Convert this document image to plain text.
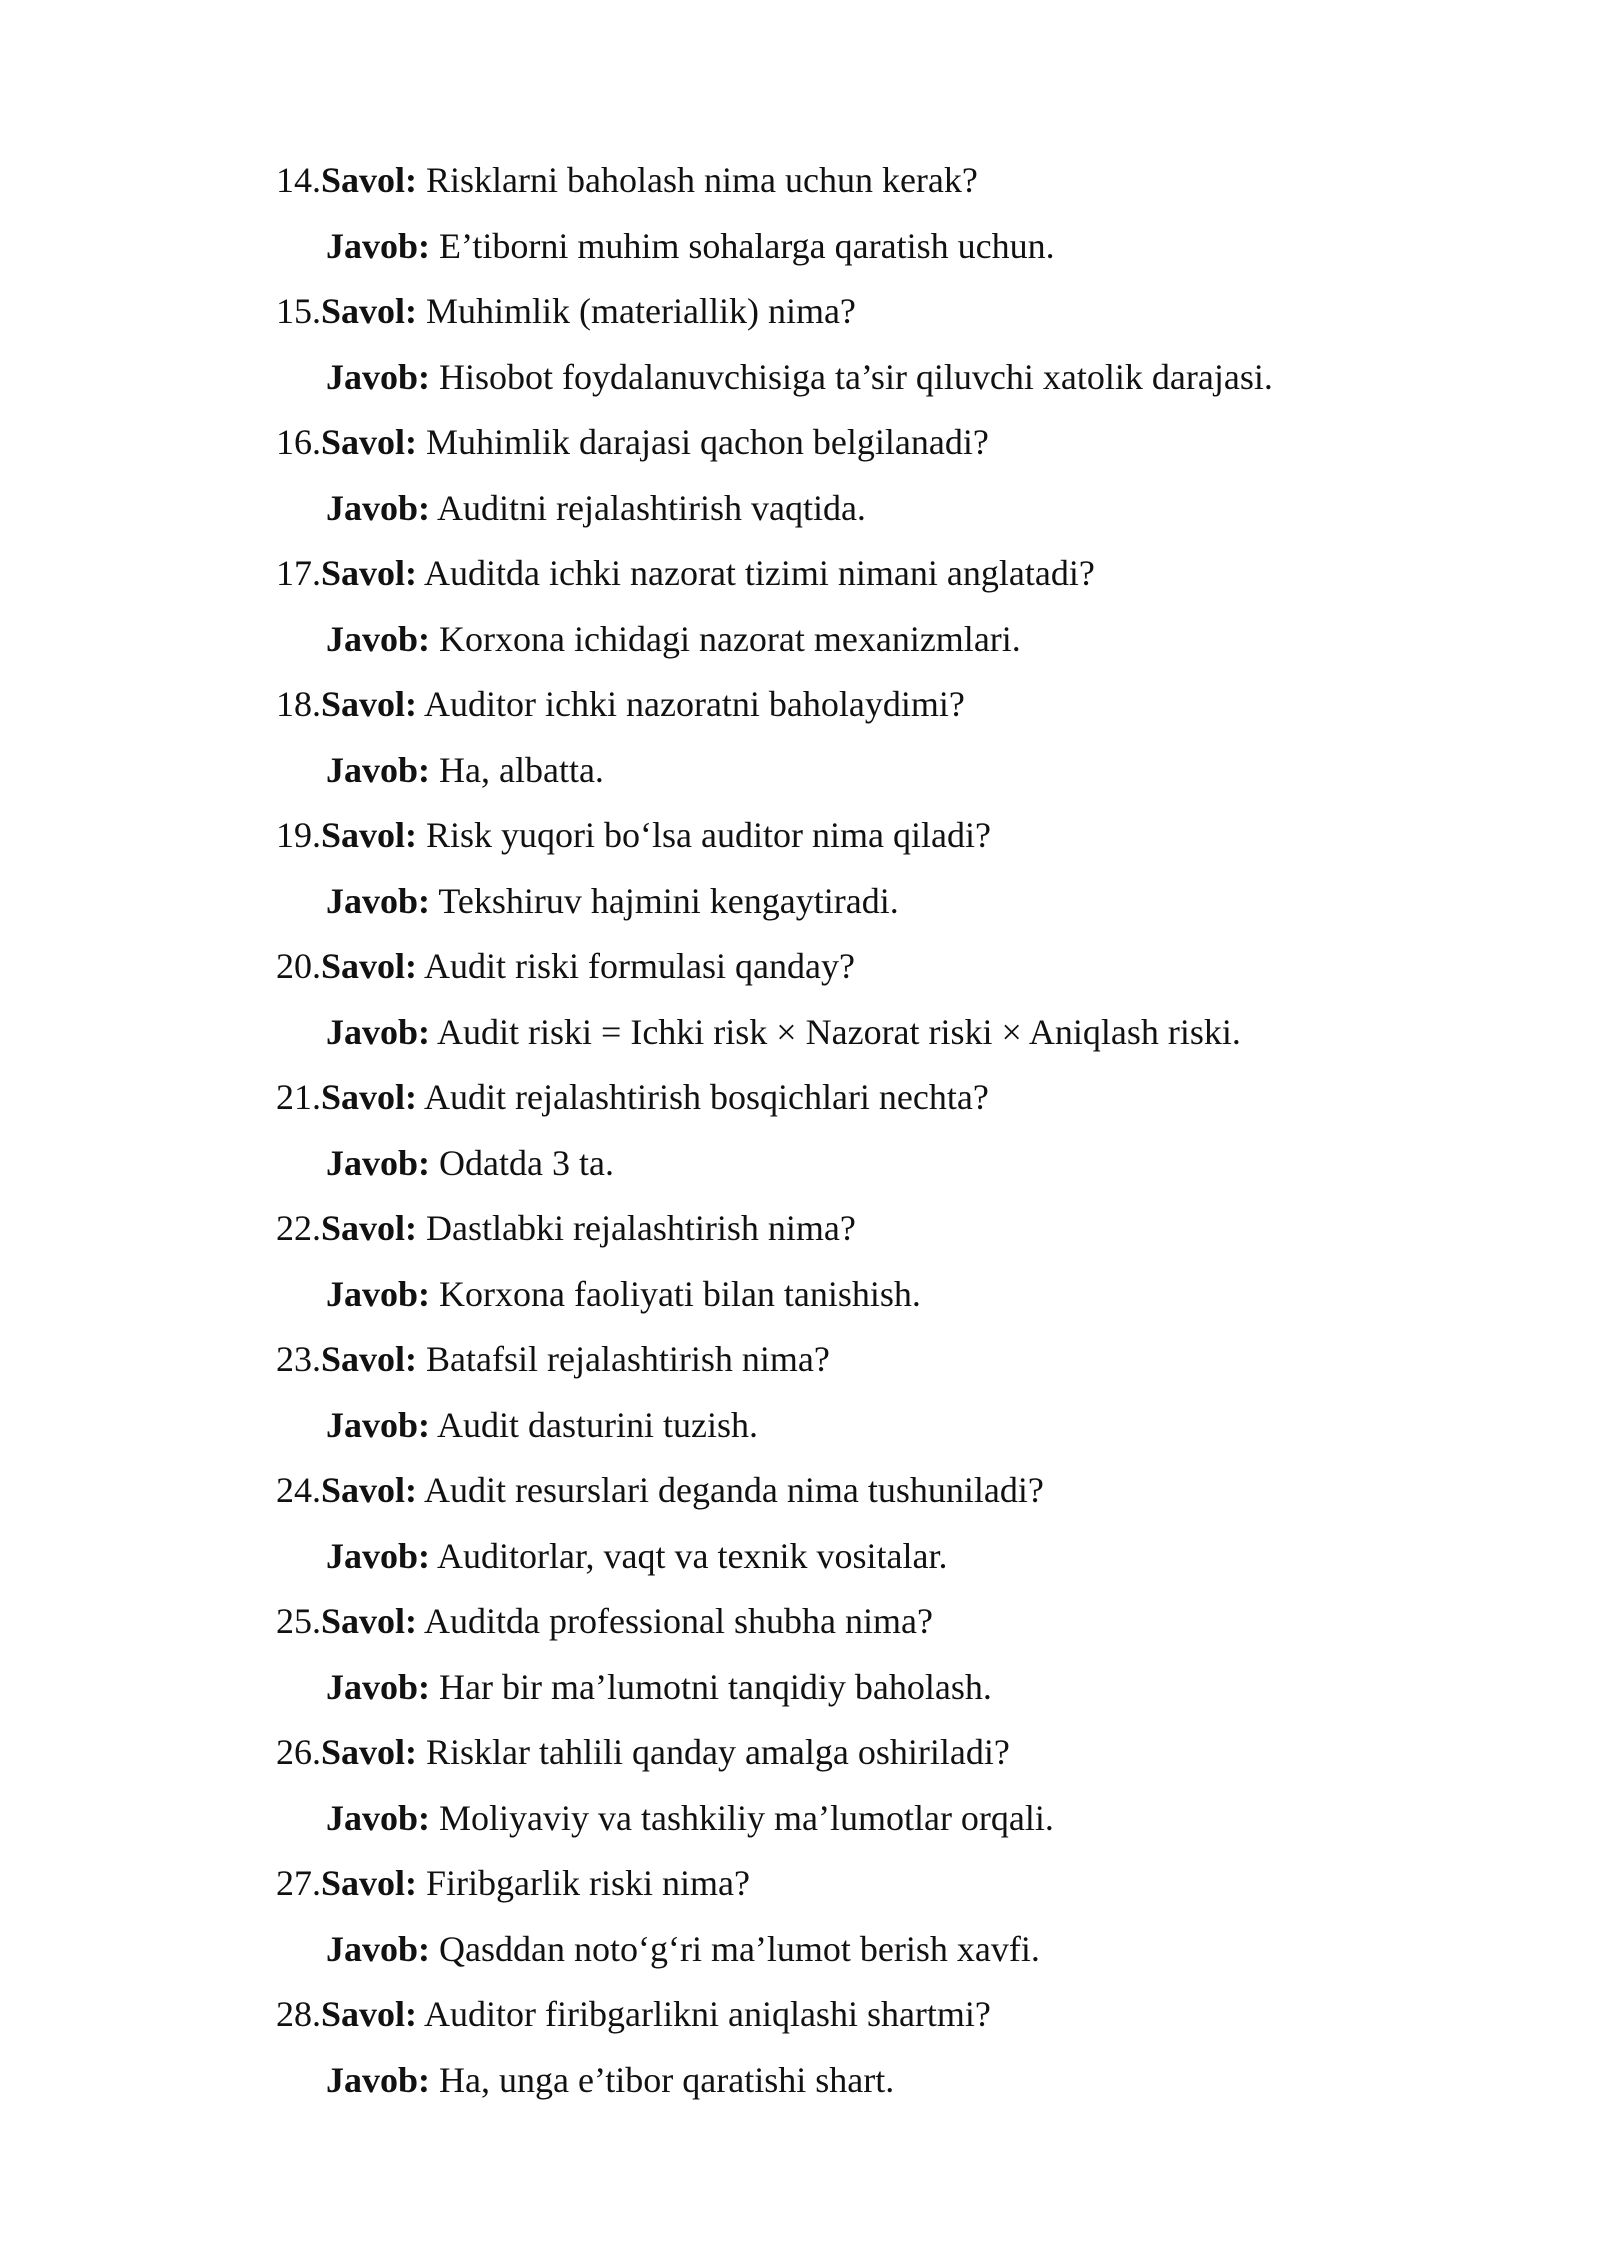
14.Savol: Risklarni baholash nima uchun kerak?
Javob: E’tiborni muhim sohalarga qaratish uchun.
15.Savol: Muhimlik (materiallik) nima?
Javob: Hisobot foydalanuvchisiga ta’sir qiluvchi xatolik darajasi.
16.Savol: Muhimlik darajasi qachon belgilanadi?
Javob: Auditni rejalashtirish vaqtida.
17.Savol: Auditda ichki nazorat tizimi nimani anglatadi?
Javob: Korxona ichidagi nazorat mexanizmlari.
18.Savol: Auditor ichki nazoratni baholaydimi?
Javob: Ha, albatta.
19.Savol: Risk yuqori bo‘lsa auditor nima qiladi?
Javob: Tekshiruv hajmini kengaytiradi.
20.Savol: Audit riski formulasi qanday?
Javob: Audit riski = Ichki risk × Nazorat riski × Aniqlash riski.
21.Savol: Audit rejalashtirish bosqichlari nechta?
Javob: Odatda 3 ta.
22.Savol: Dastlabki rejalashtirish nima?
Javob: Korxona faoliyati bilan tanishish.
23.Savol: Batafsil rejalashtirish nima?
Javob: Audit dasturini tuzish.
24.Savol: Audit resurslari deganda nima tushuniladi?
Javob: Auditorlar, vaqt va texnik vositalar.
25.Savol: Auditda professional shubha nima?
Javob: Har bir ma’lumotni tanqidiy baholash.
26.Savol: Risklar tahlili qanday amalga oshiriladi?
Javob: Moliyaviy va tashkiliy ma’lumotlar orqali.
27.Savol: Firibgarlik riski nima?
Javob: Qasddan noto‘g‘ri ma’lumot berish xavfi.
28.Savol: Auditor firibgarlikni aniqlashi shartmi?
Javob: Ha, unga e’tibor qaratishi shart.
